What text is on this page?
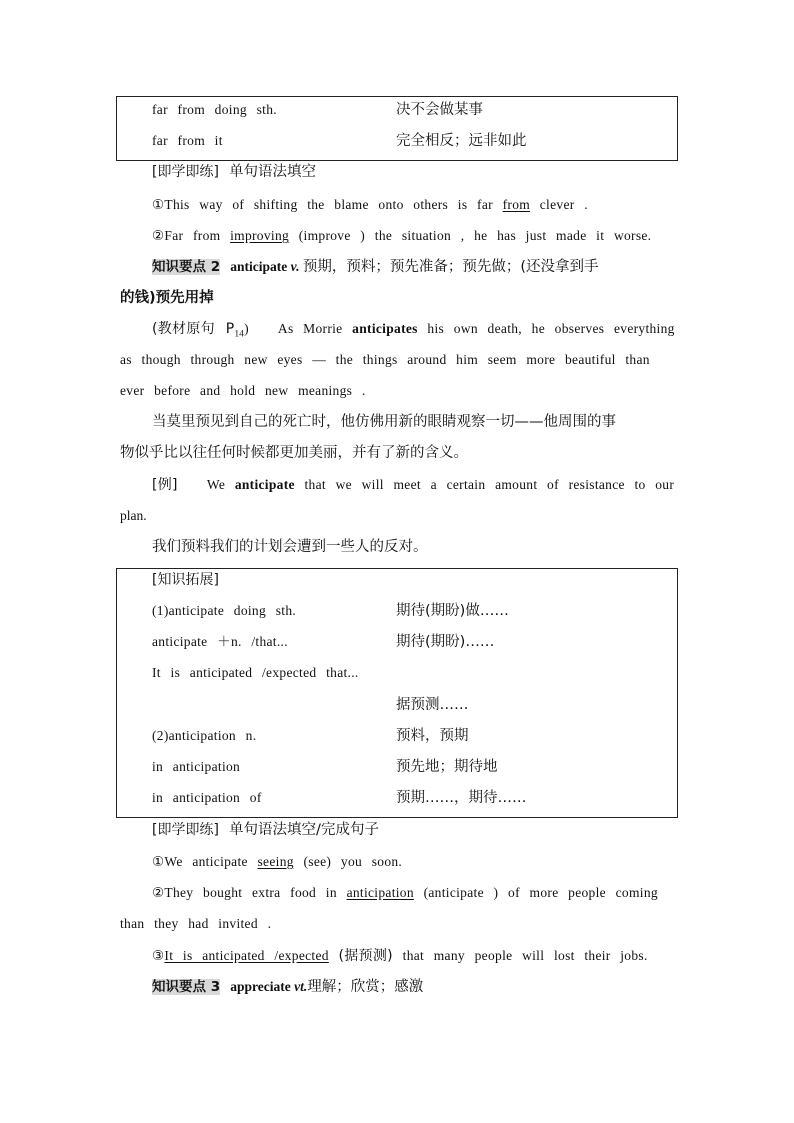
far from doing sth.	决不会做某事
far from it	完全相反；远非如此
[即学即练] 单句语法填空
①This way of shifting the blame onto others is far from clever .
②Far from improving (improve ) the situation , he has just made it worse.
知识要点 2 anticipate v. 预期，预料；预先准备；预先做；(还没拿到手
的钱)预先用掉
(教材原句 $P_{14}$) As Morrie anticipates his own death, he observes everything
as though through new eyes — the things around him seem more beautiful than
ever before and hold new meanings .
当莫里预见到自己的死亡时，他仿佛用新的眼睛观察一切——他周围的事
物似乎比以往任何时候都更加美丽，并有了新的含义。
[例] We anticipate that we will meet a certain amount of resistance to our
plan.
我们预料我们的计划会遭到一些人的反对。
[知识拓展]
(1)anticipate doing sth.	期待(期盼)做……
anticipate ＋n. /that...	期待(期盼)……
It is anticipated /expected that...
据预测……
(2)anticipation n.	预料，预期
in anticipation	预先地；期待地
in anticipation of	预期……，期待……
[即学即练] 单句语法填空/完成句子
①We anticipate seeing (see) you soon.
②They bought extra food in anticipation (anticipate ) of more people coming
than they had invited .
③It is anticipated /expected (据预测) that many people will lost their jobs.
知识要点 3 appreciate vt.理解；欣赏；感激
